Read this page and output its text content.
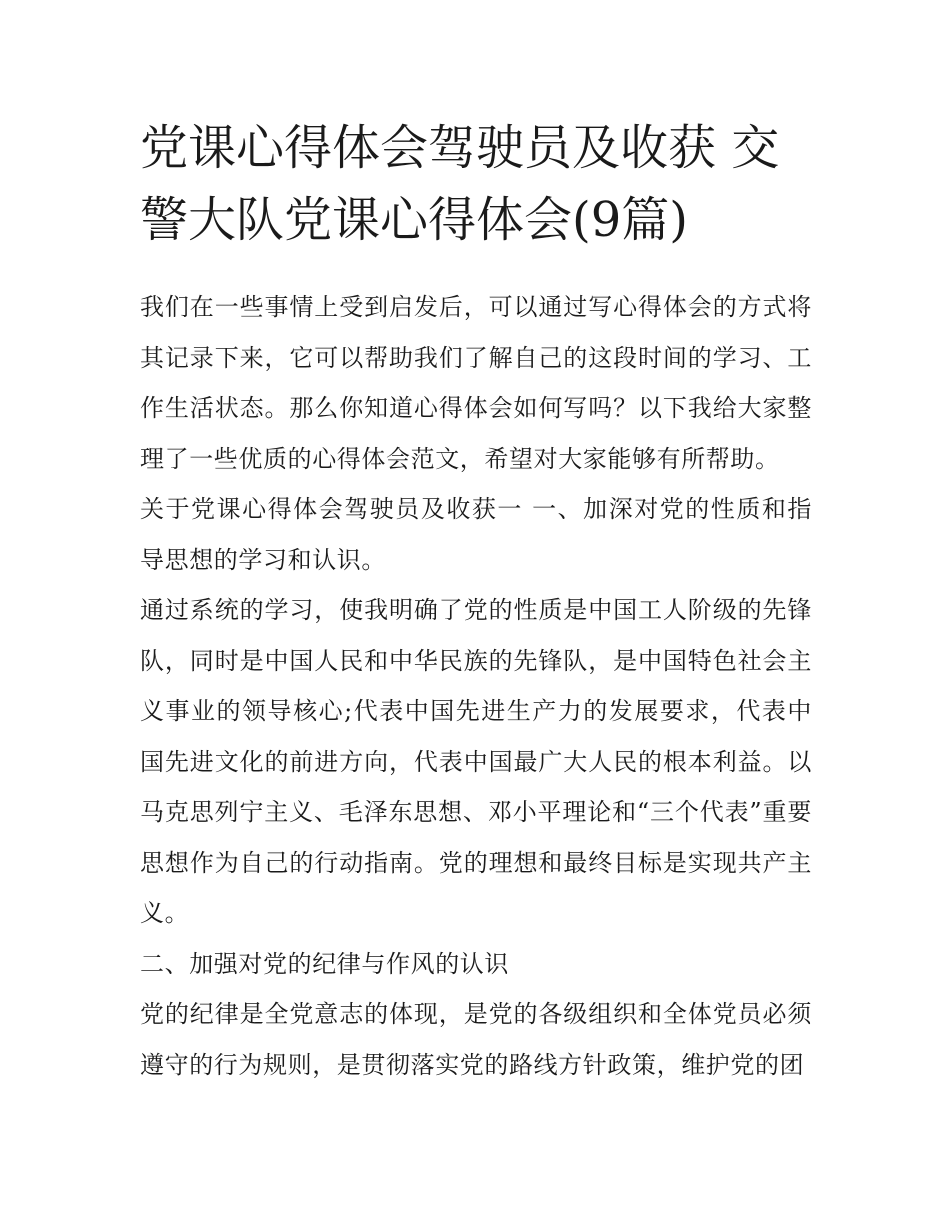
党课心得体会驾驶员及收获 交警大队党课心得体会(9篇)

我们在一些事情上受到启发后，可以通过写心得体会的方式将其记录下来，它可以帮助我们了解自己的这段时间的学习、工作生活状态。那么你知道心得体会如何写吗？以下我给大家整理了一些优质的心得体会范文，希望对大家能够有所帮助。

关于党课心得体会驾驶员及收获一 一、加深对党的性质和指导思想的学习和认识。

通过系统的学习，使我明确了党的性质是中国工人阶级的先锋队，同时是中国人民和中华民族的先锋队，是中国特色社会主义事业的领导核心;代表中国先进生产力的发展要求，代表中国先进文化的前进方向，代表中国最广大人民的根本利益。以马克思列宁主义、毛泽东思想、邓小平理论和“三个代表”重要思想作为自己的行动指南。党的理想和最终目标是实现共产主义。

二、加强对党的纪律与作风的认识

党的纪律是全党意志的体现，是党的各级组织和全体党员必须遵守的行为规则，是贯彻落实党的路线方针政策，维护党的团
